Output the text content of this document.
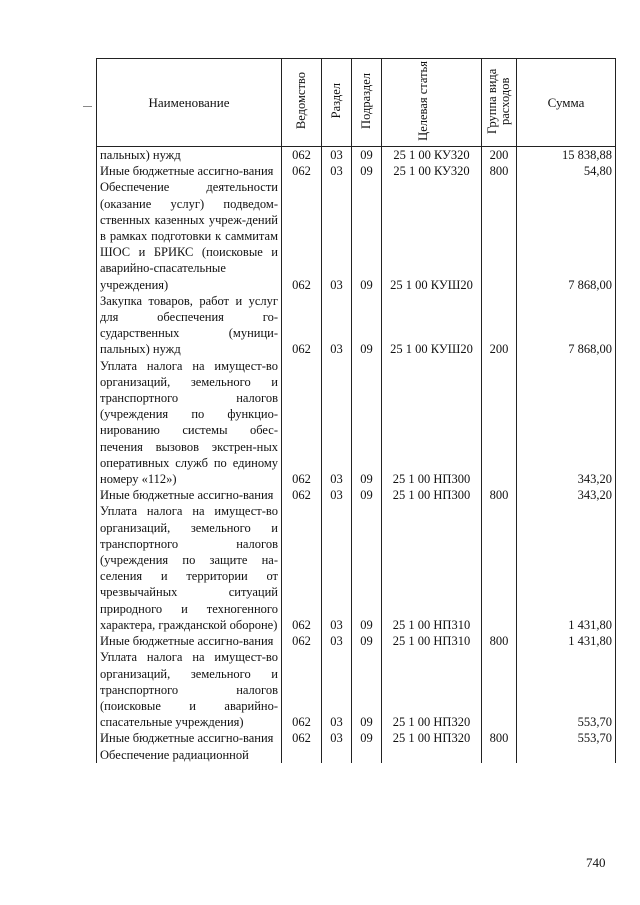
Наименование	Ведомство	Раздел	Подраздел	Целевая статья	Группа вида расходов	Сумма
пальных) нужд	062	03	09	25 1 00 КУ320	200	15 838,88
Иные бюджетные ассигно-вания	062	03	09	25 1 00 КУ320	800	54,80
Обеспечение деятельности (оказание услуг) подведом-ственных казенных учреж-дений в рамках подготовки к саммитам ШОС и БРИКС (поисковые и аварийно-спасательные учреждения)	062	03	09	25 1 00 КУШ20		7 868,00
Закупка товаров, работ и услуг для обеспечения го-сударственных (муници-пальных) нужд	062	03	09	25 1 00 КУШ20	200	7 868,00
Уплата налога на имущест-во организаций, земельного и транспортного налогов (учреждения по функцио-нированию системы обес-печения вызовов экстрен-ных оперативных служб по единому номеру «112»)	062	03	09	25 1 00 НП300		343,20
Иные бюджетные ассигно-вания	062	03	09	25 1 00 НП300	800	343,20
Уплата налога на имущест-во организаций, земельного и транспортного налогов (учреждения по защите на-селения и территории от чрезвычайных ситуаций природного и техногенного характера, гражданской обороне)	062	03	09	25 1 00 НП310		1 431,80
Иные бюджетные ассигно-вания	062	03	09	25 1 00 НП310	800	1 431,80
Уплата налога на имущест-во организаций, земельного и транспортного налогов (поисковые и аварийно-спасательные учреждения)	062	03	09	25 1 00 НП320		553,70
Иные бюджетные ассигно-вания	062	03	09	25 1 00 НП320	800	553,70
Обеспечение радиационной						
740
